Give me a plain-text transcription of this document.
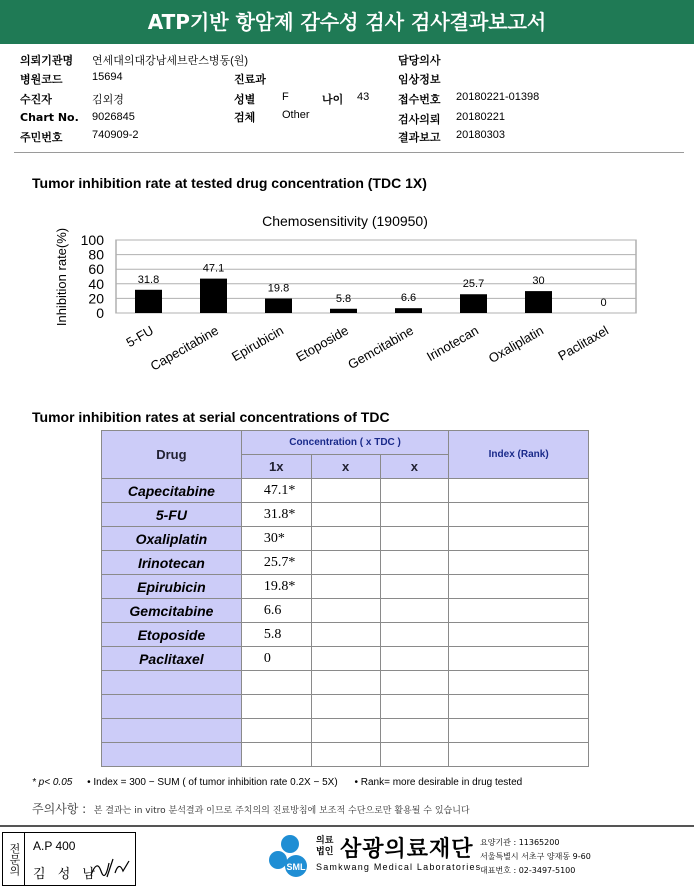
ATP기반 항암제 감수성 검사 검사결과보고서
의뢰기관명 연세대의대강남세브란스병동(원)
병원코드	15694
수진자	김외경
Chart No. 9026845
주민번호	740909-2
진료과
성별 F	나이 43
검체 Other
담당의사
임상정보
접수번호 20180221-01398
검사의뢰 20180221
결과보고 20180303
Tumor inhibition rate at tested drug concentration (TDC 1X)
Chemosensitivity (190950)
Inhibition rate(%) 100
80
60
40
20
0
31.8
5-FU
47.1
Capecitabine
19.8
Epirubicin
5.8
Etoposide
6.6
Gemcitabine
25.7
Irinotecan
30
Oxaliplatin
0
Paclitaxel
Tumor inhibition rates at serial concentrations of TDC
Drug	Concentration ( x TDC )			Index (Rank)
	1x	x	x	
Capecitabine	47.1*			
5-FU	31.8*			
Oxaliplatin	30*			
Irinotecan	25.7*			
Epirubicin	19.8*			
Gemcitabine	6.6			
Etoposide	5.8			
Paclitaxel	0			

* p< 0.05 • Index = 300 − SUM ( of tumor inhibition rate 0.2X − 5X) • Rank= more desirable in drug tested
주의사항 : 본 결과는 in vitro 분석결과 이므로 주치의의 진료방침에 보조적 수단으로만 활용될 수 있습니다
전문의	A.P 400
김 성 남	SML
의료
법인 삼광의료재단
Samkwang Medical Laboratories
요양기관 : 11365200
서울특별시 서초구 양재동 9-60
대표번호 : 02-3497-5100
